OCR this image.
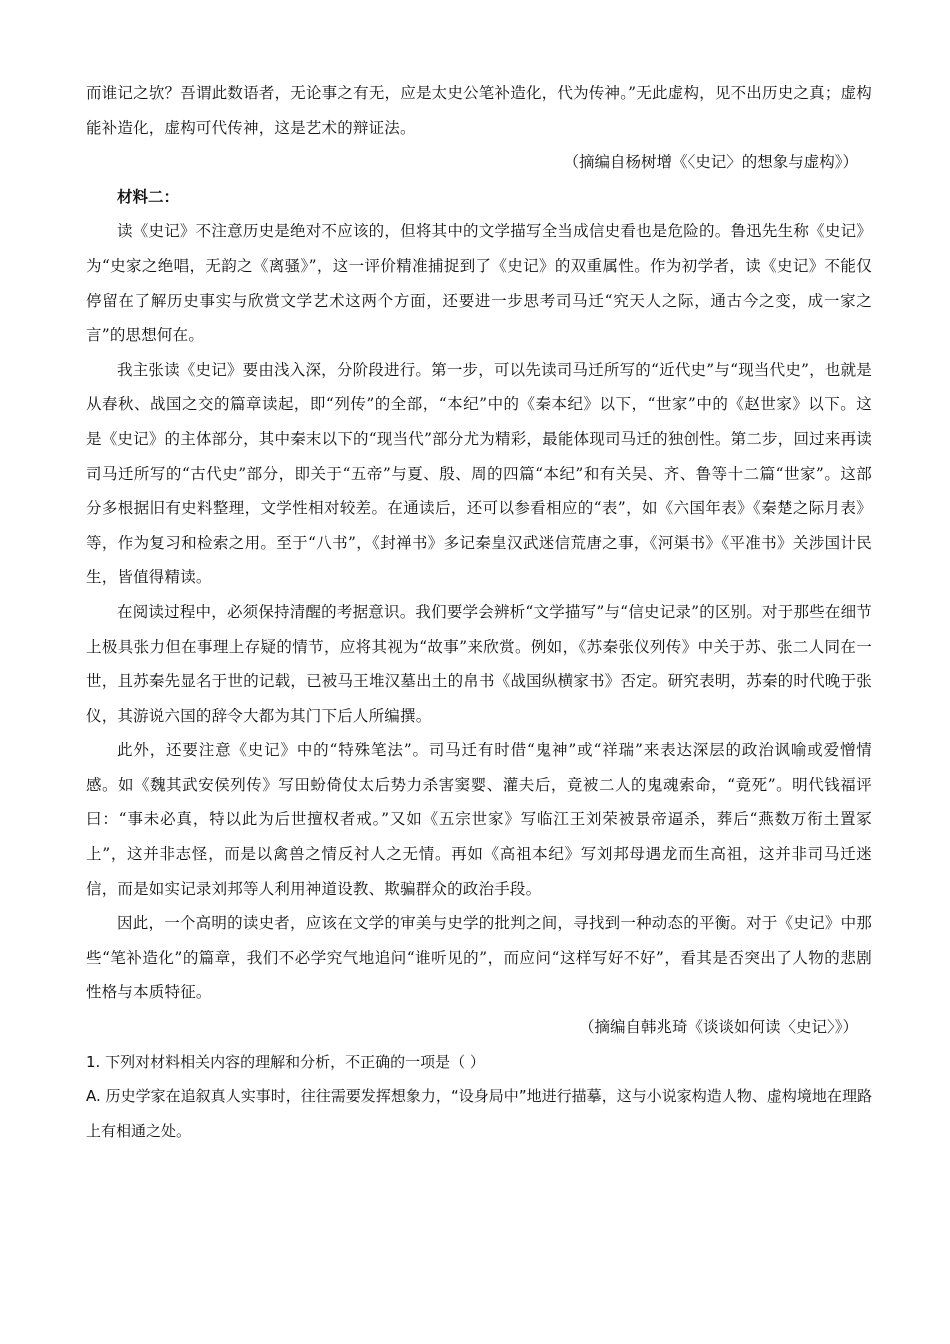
而谁记之欤？吾谓此数语者，无论事之有无，应是太史公笔补造化，代为传神。”无此虚构，见不出历史之真；虚构能补造化，虚构可代传神，这是艺术的辩证法。

（摘编自杨树增《〈史记〉的想象与虚构》）

材料二：

读《史记》不注意历史是绝对不应该的，但将其中的文学描写全当成信史看也是危险的。鲁迅先生称《史记》为“史家之绝唱，无韵之《离骚》”，这一评价精准捕捉到了《史记》的双重属性。作为初学者，读《史记》不能仅停留在了解历史事实与欣赏文学艺术这两个方面，还要进一步思考司马迁“究天人之际，通古今之变，成一家之言”的思想何在。

我主张读《史记》要由浅入深，分阶段进行。第一步，可以先读司马迁所写的“近代史”与“现当代史”，也就是从春秋、战国之交的篇章读起，即“列传”的全部，“本纪”中的《秦本纪》以下，“世家”中的《赵世家》以下。这是《史记》的主体部分，其中秦末以下的“现当代”部分尤为精彩，最能体现司马迁的独创性。第二步，回过来再读司马迁所写的“古代史”部分，即关于“五帝”与夏、殷、周的四篇“本纪”和有关吴、齐、鲁等十二篇“世家”。这部分多根据旧有史料整理，文学性相对较差。在通读后，还可以参看相应的“表”，如《六国年表》《秦楚之际月表》等，作为复习和检索之用。至于“八书”，《封禅书》多记秦皇汉武迷信荒唐之事，《河渠书》《平准书》关涉国计民生，皆值得精读。

在阅读过程中，必须保持清醒的考据意识。我们要学会辨析“文学描写”与“信史记录”的区别。对于那些在细节上极具张力但在事理上存疑的情节，应将其视为“故事”来欣赏。例如，《苏秦张仪列传》中关于苏、张二人同在一世，且苏秦先显名于世的记载，已被马王堆汉墓出土的帛书《战国纵横家书》否定。研究表明，苏秦的时代晚于张仪，其游说六国的辞令大都为其门下后人所编撰。

此外，还要注意《史记》中的“特殊笔法”。司马迁有时借“鬼神”或“祥瑞”来表达深层的政治讽喻或爱憎情感。如《魏其武安侯列传》写田蚡倚仗太后势力杀害窦婴、灌夫后，竟被二人的鬼魂索命，“竟死”。明代钱福评曰：“事未必真，特以此为后世擅权者戒。”又如《五宗世家》写临江王刘荣被景帝逼杀，葬后“燕数万衔土置冢上”，这并非志怪，而是以禽兽之情反衬人之无情。再如《高祖本纪》写刘邦母遇龙而生高祖，这并非司马迁迷信，而是如实记录刘邦等人利用神道设教、欺骗群众的政治手段。

因此，一个高明的读史者，应该在文学的审美与史学的批判之间，寻找到一种动态的平衡。对于《史记》中那些“笔补造化”的篇章，我们不必学究气地追问“谁听见的”，而应问“这样写好不好”，看其是否突出了人物的悲剧性格与本质特征。

（摘编自韩兆琦《谈谈如何读〈史记〉》）

1. 下列对材料相关内容的理解和分析，不正确的一项是（ ）

A. 历史学家在追叙真人实事时，往往需要发挥想象力，“设身局中”地进行描摹，这与小说家构造人物、虚构境地在理路上有相通之处。
